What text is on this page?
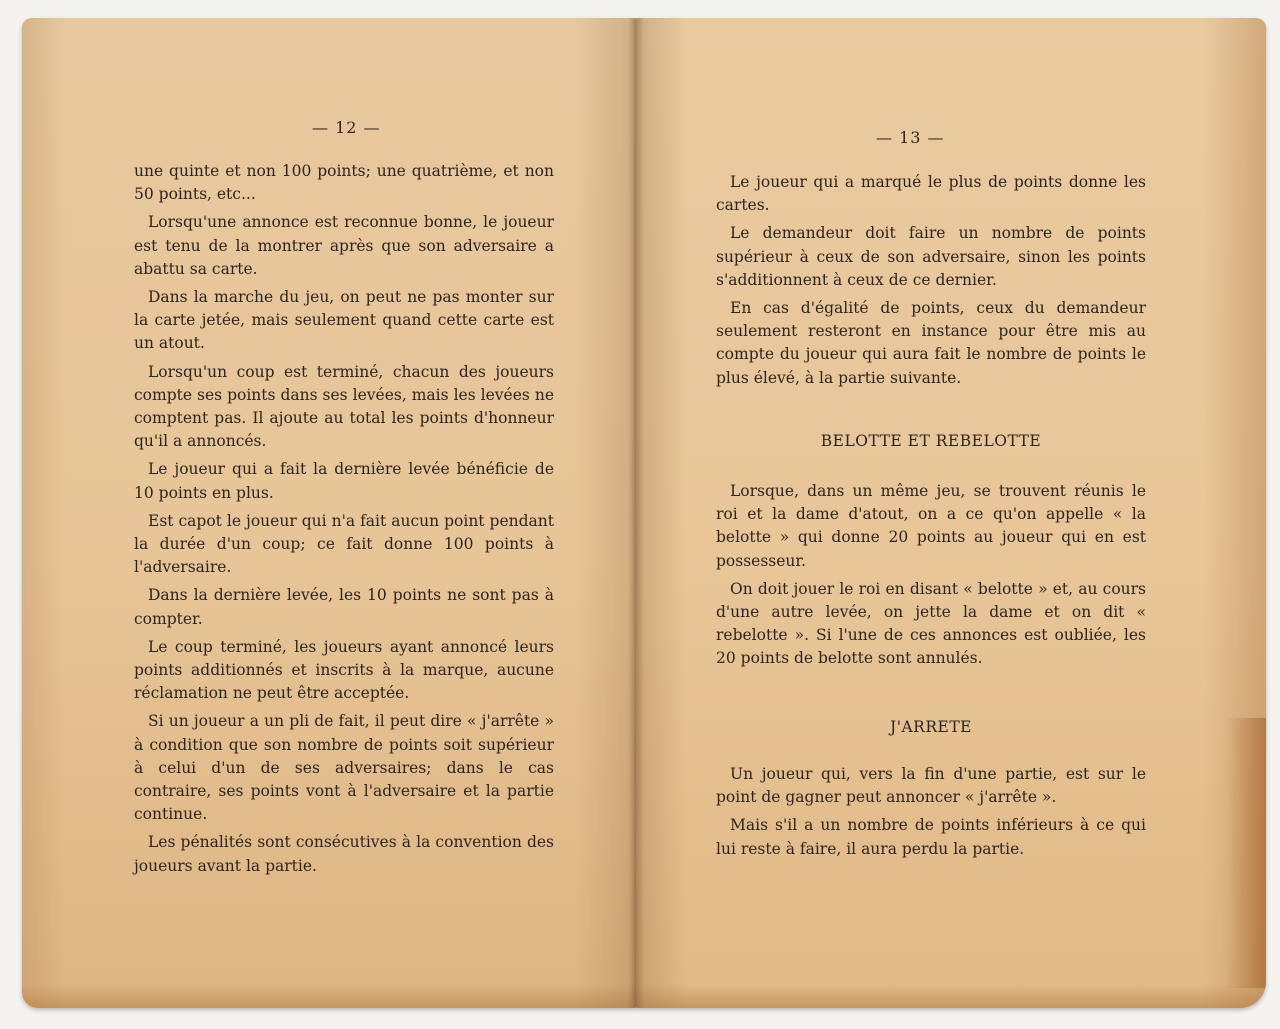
— 12 —

une quinte et non 100 points; une quatrième, et non 50 points, etc...

Lorsqu'une annonce est reconnue bonne, le joueur est tenu de la montrer après que son adversaire a abattu sa carte.

Dans la marche du jeu, on peut ne pas monter sur la carte jetée, mais seulement quand cette carte est un atout.

Lorsqu'un coup est terminé, chacun des joueurs compte ses points dans ses levées, mais les levées ne comptent pas. Il ajoute au total les points d'honneur qu'il a annoncés.

Le joueur qui a fait la dernière levée bénéficie de 10 points en plus.

Est capot le joueur qui n'a fait aucun point pendant la durée d'un coup; ce fait donne 100 points à l'adversaire.

Dans la dernière levée, les 10 points ne sont pas à compter.

Le coup terminé, les joueurs ayant annoncé leurs points additionnés et inscrits à la marque, aucune réclamation ne peut être acceptée.

Si un joueur a un pli de fait, il peut dire « j'arrête » à condition que son nombre de points soit supérieur à celui d'un de ses adversaires; dans le cas contraire, ses points vont à l'adversaire et la partie continue.

Les pénalités sont consécutives à la convention des joueurs avant la partie.

— 13 —

Le joueur qui a marqué le plus de points donne les cartes.

Le demandeur doit faire un nombre de points supérieur à ceux de son adversaire, sinon les points s'additionnent à ceux de ce dernier.

En cas d'égalité de points, ceux du demandeur seulement resteront en instance pour être mis au compte du joueur qui aura fait le nombre de points le plus élevé, à la partie suivante.

BELOTTE ET REBELOTTE

Lorsque, dans un même jeu, se trouvent réunis le roi et la dame d'atout, on a ce qu'on appelle « la belotte » qui donne 20 points au joueur qui en est possesseur.

On doit jouer le roi en disant « belotte » et, au cours d'une autre levée, on jette la dame et on dit « rebelotte ». Si l'une de ces annonces est oubliée, les 20 points de belotte sont annulés.

J'ARRETE

Un joueur qui, vers la fin d'une partie, est sur le point de gagner peut annoncer « j'arrête ».

Mais s'il a un nombre de points inférieurs à ce qui lui reste à faire, il aura perdu la partie.
